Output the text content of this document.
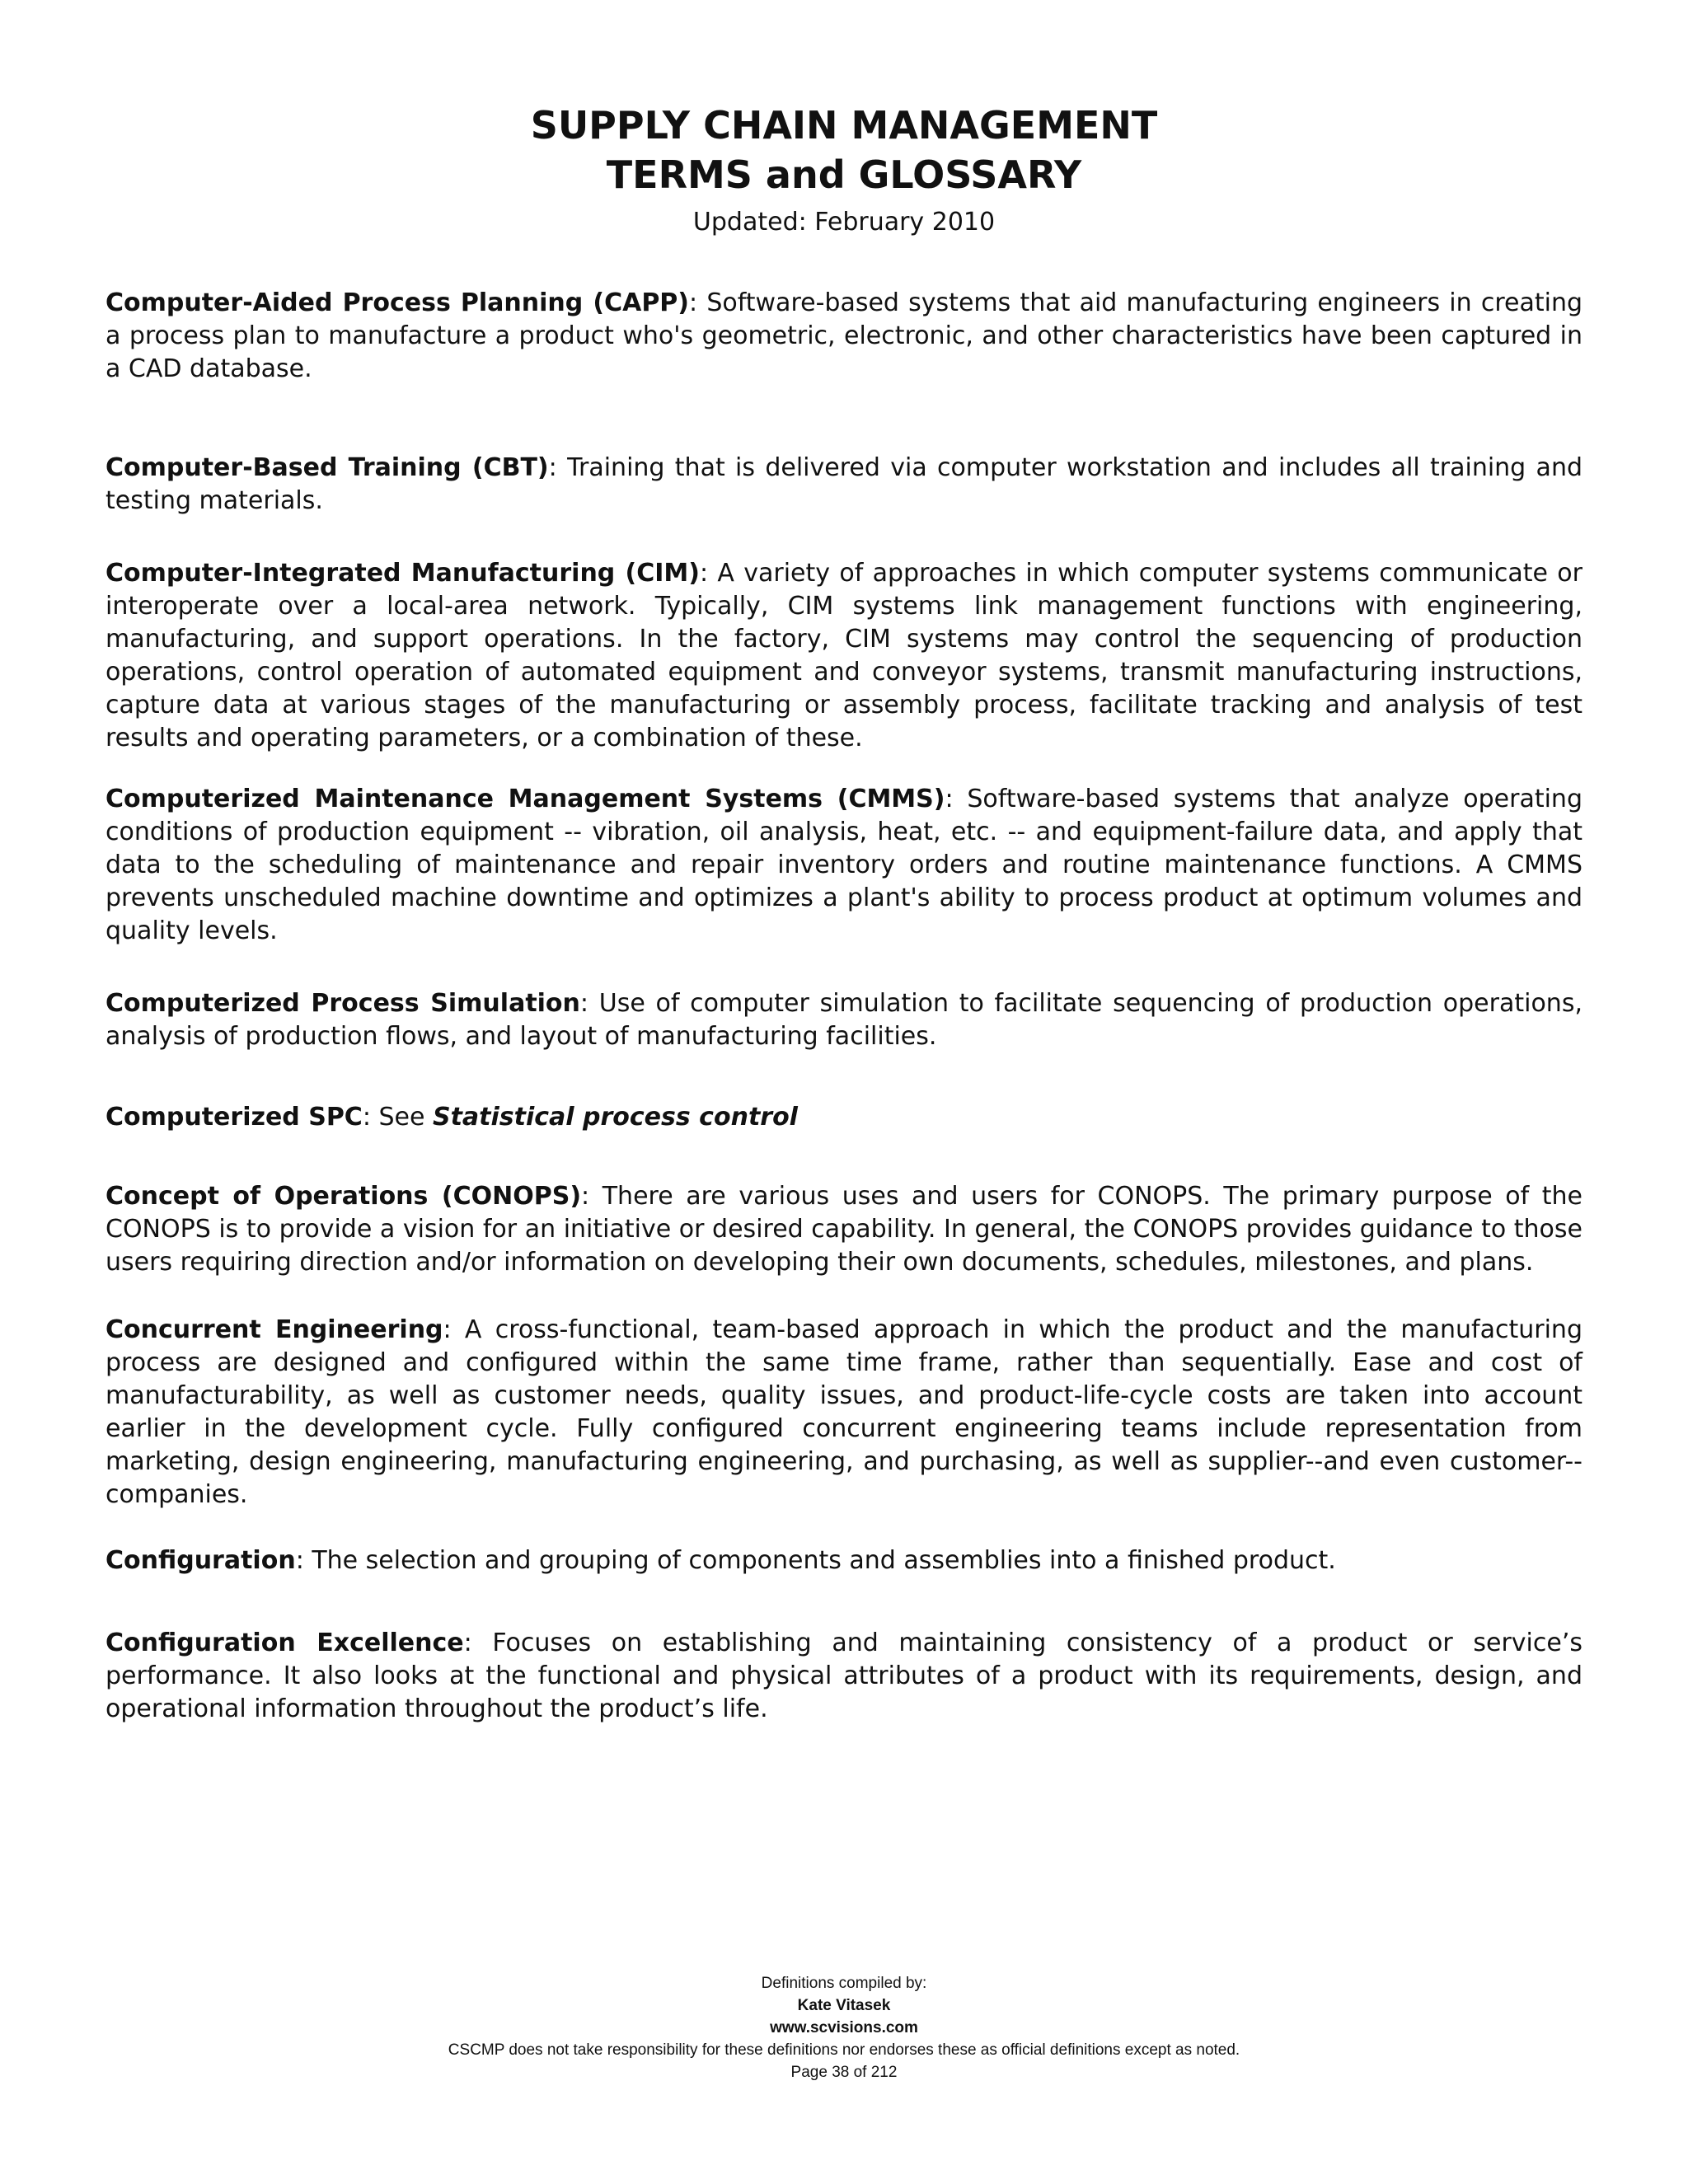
SUPPLY CHAIN MANAGEMENT
TERMS and GLOSSARY
Updated: February 2010

Computer-Aided Process Planning (CAPP): Software-based systems that aid manufacturing engineers in creating a process plan to manufacture a product who's geometric, electronic, and other characteristics have been captured in a CAD database.

Computer-Based Training (CBT): Training that is delivered via computer workstation and includes all training and testing materials.

Computer-Integrated Manufacturing (CIM): A variety of approaches in which computer systems communicate or interoperate over a local-area network. Typically, CIM systems link management functions with engineering, manufacturing, and support operations. In the factory, CIM systems may control the sequencing of production operations, control operation of automated equipment and conveyor systems, transmit manufacturing instructions, capture data at various stages of the manufacturing or assembly process, facilitate tracking and analysis of test results and operating parameters, or a combination of these.

Computerized Maintenance Management Systems (CMMS): Software-based systems that analyze operating conditions of production equipment -- vibration, oil analysis, heat, etc. -- and equipment-failure data, and apply that data to the scheduling of maintenance and repair inventory orders and routine maintenance functions. A CMMS prevents unscheduled machine downtime and optimizes a plant's ability to process product at optimum volumes and quality levels.

Computerized Process Simulation: Use of computer simulation to facilitate sequencing of production operations, analysis of production flows, and layout of manufacturing facilities.

Computerized SPC: See Statistical process control

Concept of Operations (CONOPS): There are various uses and users for CONOPS. The primary purpose of the CONOPS is to provide a vision for an initiative or desired capability. In general, the CONOPS provides guidance to those users requiring direction and/or information on developing their own documents, schedules, milestones, and plans.

Concurrent Engineering: A cross-functional, team-based approach in which the product and the manufacturing process are designed and configured within the same time frame, rather than sequentially. Ease and cost of manufacturability, as well as customer needs, quality issues, and product-life-cycle costs are taken into account earlier in the development cycle. Fully configured concurrent engineering teams include representation from marketing, design engineering, manufacturing engineering, and purchasing, as well as supplier--and even customer--companies.

Configuration: The selection and grouping of components and assemblies into a finished product.

Configuration Excellence: Focuses on establishing and maintaining consistency of a product or service’s performance. It also looks at the functional and physical attributes of a product with its requirements, design, and operational information throughout the product’s life.

Definitions compiled by:
Kate Vitasek
www.scvisions.com
CSCMP does not take responsibility for these definitions nor endorses these as official definitions except as noted.
Page 38 of 212
